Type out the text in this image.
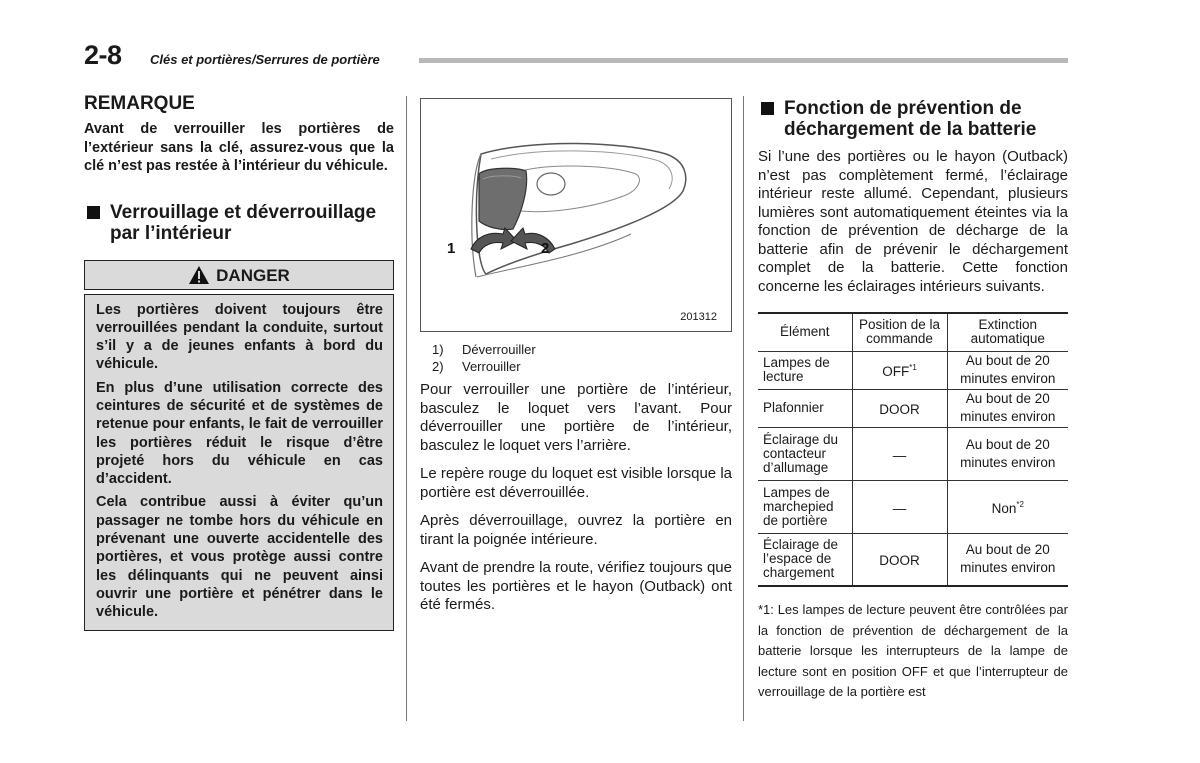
2-8 Clés et portières/Serrures de portière
REMARQUE
Avant de verrouiller les portières de l’extérieur sans la clé, assurez-vous que la clé n’est pas restée à l’intérieur du véhicule.
Verrouillage et déverrouillage par l’intérieur
DANGER

Les portières doivent toujours être verrouillées pendant la conduite, surtout s’il y a de jeunes enfants à bord du véhicule.

En plus d’une utilisation correcte des ceintures de sécurité et de systèmes de retenue pour enfants, le fait de verrouiller les portières réduit le risque d’être projeté hors du véhicule en cas d’accident.

Cela contribue aussi à éviter qu’un passager ne tombe hors du véhicule en prévenant une ouverte accidentelle des portières, et vous protège aussi contre les délinquants qui ne peuvent ainsi ouvrir une portière et pénétrer dans le véhicule.

1	2
201312
1)	Déverrouiller
2)	Verrouiller

Pour verrouiller une portière de l’intérieur, basculez le loquet vers l’avant. Pour déverrouiller une portière de l’intérieur, basculez le loquet vers l’arrière.

Le repère rouge du loquet est visible lorsque la portière est déverrouillée.

Après déverrouillage, ouvrez la portière en tirant la poignée intérieure.

Avant de prendre la route, vérifiez toujours que toutes les portières et le hayon (Outback) ont été fermés.

Fonction de prévention de déchargement de la batterie

Si l’une des portières ou le hayon (Outback) n’est pas complètement fermé, l’éclairage intérieur reste allumé. Cependant, plusieurs lumières sont automatiquement éteintes via la fonction de prévention de décharge de la batterie afin de prévenir le déchargement complet de la batterie. Cette fonction concerne les éclairages intérieurs suivants.

Élément	Position de la commande	Extinction automatique
Lampes de lecture	OFF$^{*1}$	Au bout de 20 minutes environ
Plafonnier	DOOR	Au bout de 20 minutes environ
Éclairage du contacteur d’allumage	—	Au bout de 20 minutes environ
Lampes de marchepied de portière	—	Non$^{*2}$
Éclairage de l’espace de chargement	DOOR	Au bout de 20 minutes environ

*1: Les lampes de lecture peuvent être contrôlées par la fonction de prévention de déchargement de la batterie lorsque les interrupteurs de la lampe de lecture sont en position OFF et que l’interrupteur de verrouillage de la portière est
